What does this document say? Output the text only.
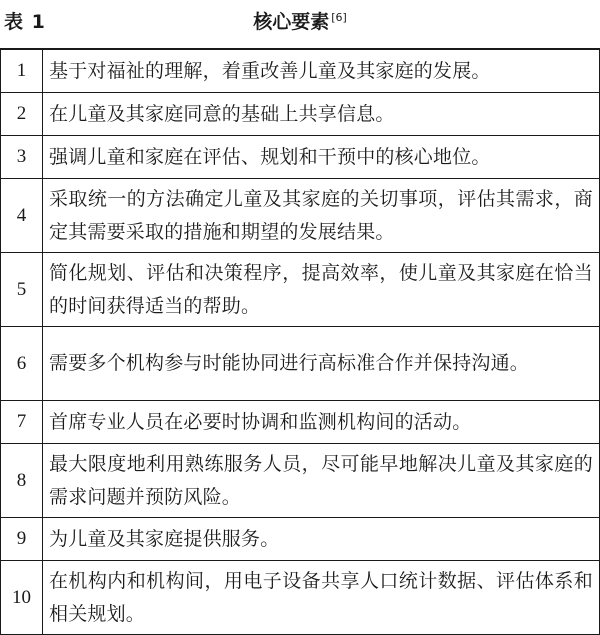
表 1	核心要素 [6]
1	基于对福祉的理解，着重改善儿童及其家庭的发展。
2	在儿童及其家庭同意的基础上共享信息。
3	强调儿童和家庭在评估、规划和干预中的核心地位。
4	采取统一的方法确定儿童及其家庭的关切事项，评估其需求，商定其需要采取的措施和期望的发展结果。
5	简化规划、评估和决策程序，提高效率，使儿童及其家庭在恰当的时间获得适当的帮助。
6	需要多个机构参与时能协同进行高标准合作并保持沟通。
7	首席专业人员在必要时协调和监测机构间的活动。
8	最大限度地利用熟练服务人员，尽可能早地解决儿童及其家庭的需求问题并预防风险。
9	为儿童及其家庭提供服务。
10	在机构内和机构间，用电子设备共享人口统计数据、评估体系和相关规划。
